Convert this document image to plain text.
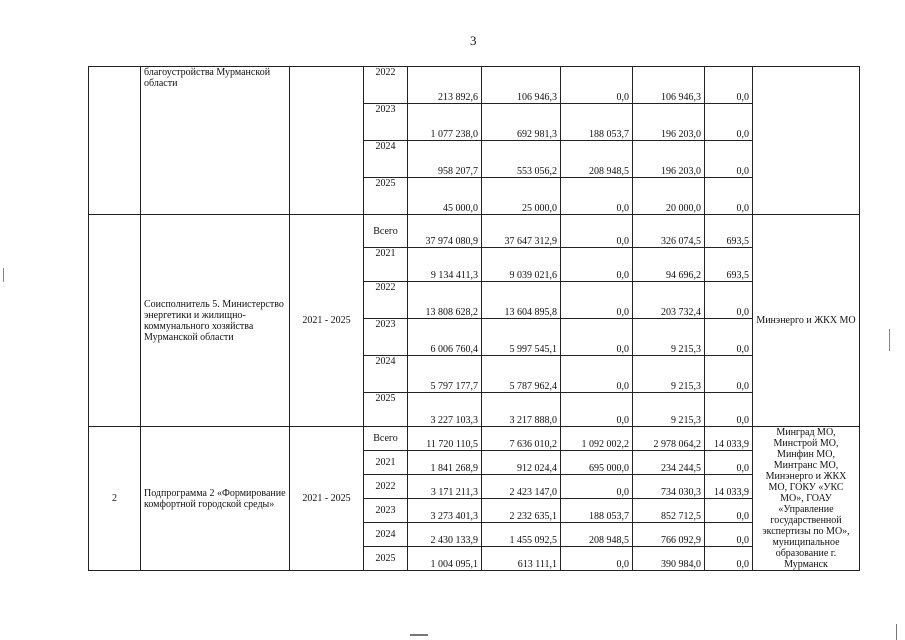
3
	благоустройства Мурманской области		2022	213 892,6	106 946,3	0,0	106 946,3	0,0	
			2023	1 077 238,0	692 981,3	188 053,7	196 203,0	0,0	
			2024	958 207,7	553 056,2	208 948,5	196 203,0	0,0	
			2025	45 000,0	25 000,0	0,0	20 000,0	0,0	
	Соисполнитель 5. Министерство энергетики и жилищно-коммунального хозяйства Мурманской области	2021 - 2025	Всего	37 974 080,9	37 647 312,9	0,0	326 074,5	693,5	Минэнерго и ЖКХ МО
			2021	9 134 411,3	9 039 021,6	0,0	94 696,2	693,5	
			2022	13 808 628,2	13 604 895,8	0,0	203 732,4	0,0	
			2023	6 006 760,4	5 997 545,1	0,0	9 215,3	0,0	
			2024	5 797 177,7	5 787 962,4	0,0	9 215,3	0,0	
			2025	3 227 103,3	3 217 888,0	0,0	9 215,3	0,0	
2	Подпрограмма 2 «Формирование комфортной городской среды»	2021 - 2025	Всего	11 720 110,5	7 636 010,2	1 092 002,2	2 978 064,2	14 033,9	Минград МО, Минстрой МО, Минфин МО, Минтранс МО, Минэнерго и ЖКХ МО, ГОКУ «УКС МО», ГОАУ «Управление государственной экспертизы по МО», муниципальное образование г. Мурманск
			2021	1 841 268,9	912 024,4	695 000,0	234 244,5	0,0	
			2022	3 171 211,3	2 423 147,0	0,0	734 030,3	14 033,9	
			2023	3 273 401,3	2 232 635,1	188 053,7	852 712,5	0,0	
			2024	2 430 133,9	1 455 092,5	208 948,5	766 092,9	0,0	
			2025	1 004 095,1	613 111,1	0,0	390 984,0	0,0	
